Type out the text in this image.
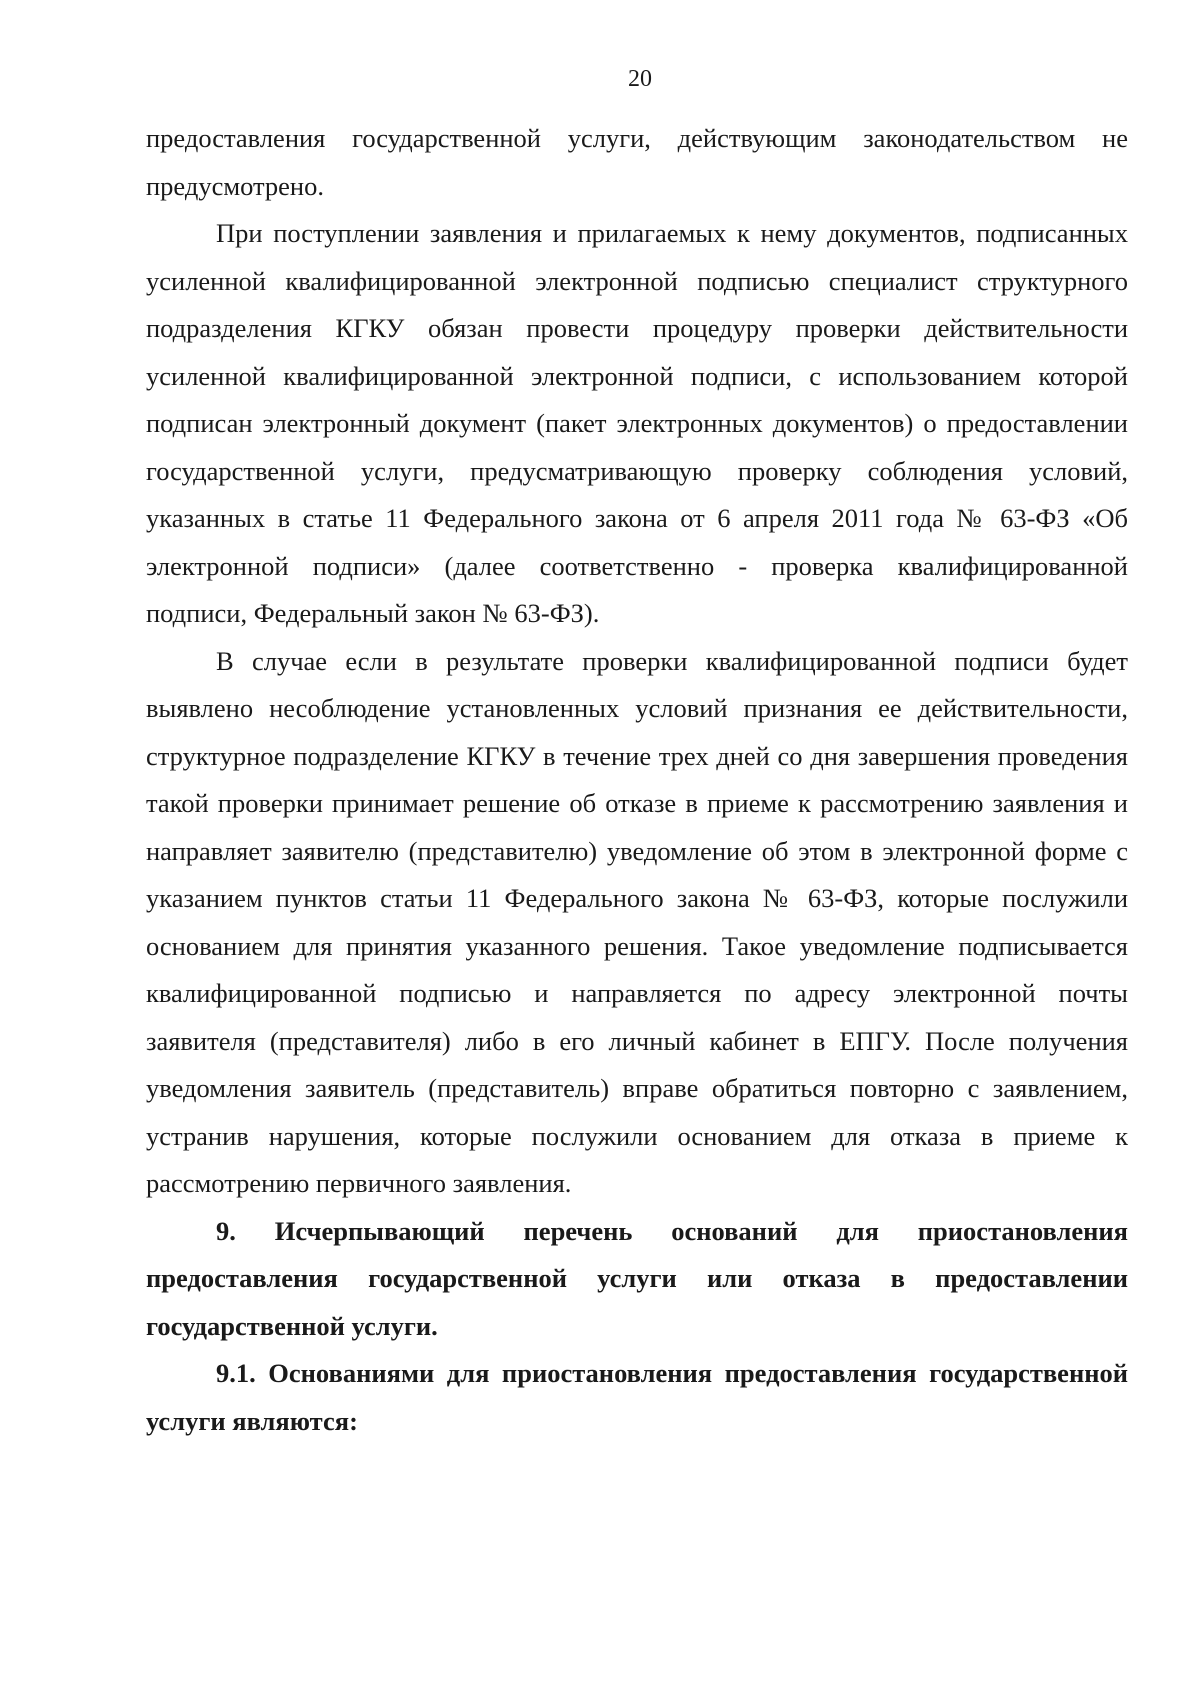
20

предоставления государственной услуги, действующим законодательством не предусмотрено.

При поступлении заявления и прилагаемых к нему документов, подписанных усиленной квалифицированной электронной подписью специалист структурного подразделения КГКУ обязан провести процедуру проверки действительности усиленной квалифицированной электронной подписи, с использованием которой подписан электронный документ (пакет электронных документов) о предоставлении государственной услуги, предусматривающую проверку соблюдения условий, указанных в статье 11 Федерального закона от 6 апреля 2011 года № 63-ФЗ «Об электронной подписи» (далее соответственно - проверка квалифицированной подписи, Федеральный закон № 63-ФЗ).

В случае если в результате проверки квалифицированной подписи будет выявлено несоблюдение установленных условий признания ее действительности, структурное подразделение КГКУ в течение трех дней со дня завершения проведения такой проверки принимает решение об отказе в приеме к рассмотрению заявления и направляет заявителю (представителю) уведомление об этом в электронной форме с указанием пунктов статьи 11 Федерального закона № 63-ФЗ, которые послужили основанием для принятия указанного решения. Такое уведомление подписывается квалифицированной подписью и направляется по адресу электронной почты заявителя (представителя) либо в его личный кабинет в ЕПГУ. После получения уведомления заявитель (представитель) вправе обратиться повторно с заявлением, устранив нарушения, которые послужили основанием для отказа в приеме к рассмотрению первичного заявления.

9. Исчерпывающий перечень оснований для приостановления предоставления государственной услуги или отказа в предоставлении государственной услуги.

9.1. Основаниями для приостановления предоставления государственной услуги являются:
